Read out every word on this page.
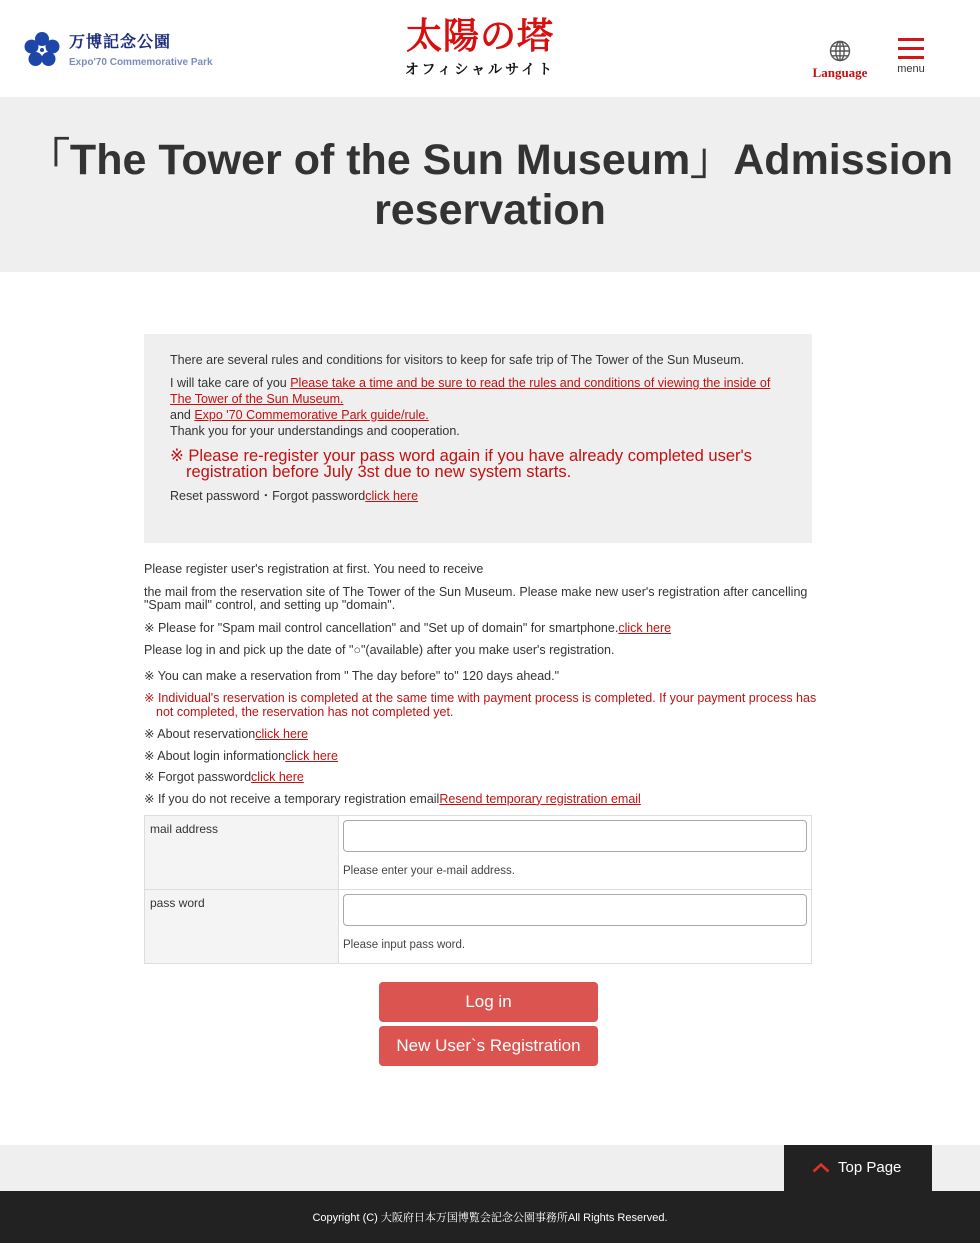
万博記念公園
Expo'70 Commemorative Park
太陽の塔
オフィシャルサイト	Language	menu
「The Tower of the Sun Museum」Admission reservation

There are several rules and conditions for visitors to keep for safe trip of The Tower of the Sun Museum.

I will take care of you Please take a time and be sure to read the rules and conditions of viewing the inside of The Tower of the Sun Museum.
and Expo '70 Commemorative Park guide/rule.

Thank you for your understandings and cooperation.

※ Please re-register your pass word again if you have already completed user's registration before July 3st due to new system starts.

Reset password・Forgot passwordclick here

Please register user's registration at first. You need to receive

the mail from the reservation site of The Tower of the Sun Museum. Please make new user's registration after cancelling "Spam mail" control, and setting up "domain".

※ Please for "Spam mail control cancellation" and "Set up of domain" for smartphone.click here

Please log in and pick up the date of "○"(available) after you make user's registration.

※ You can make a reservation from " The day before" to" 120 days ahead."

※ Individual's reservation is completed at the same time with payment process is completed. If your payment process has not completed, the reservation has not completed yet.

※ About reservationclick here

※ About login informationclick here

※ Forgot passwordclick here

※ If you do not receive a temporary registration emailResend temporary registration email

mail address	Please enter your e-mail address.

pass word	Please input pass word.
Log in
New User`s Registration
Top Page
Copyright (C) 大阪府日本万国博覧会記念公園事務所All Rights Reserved.
